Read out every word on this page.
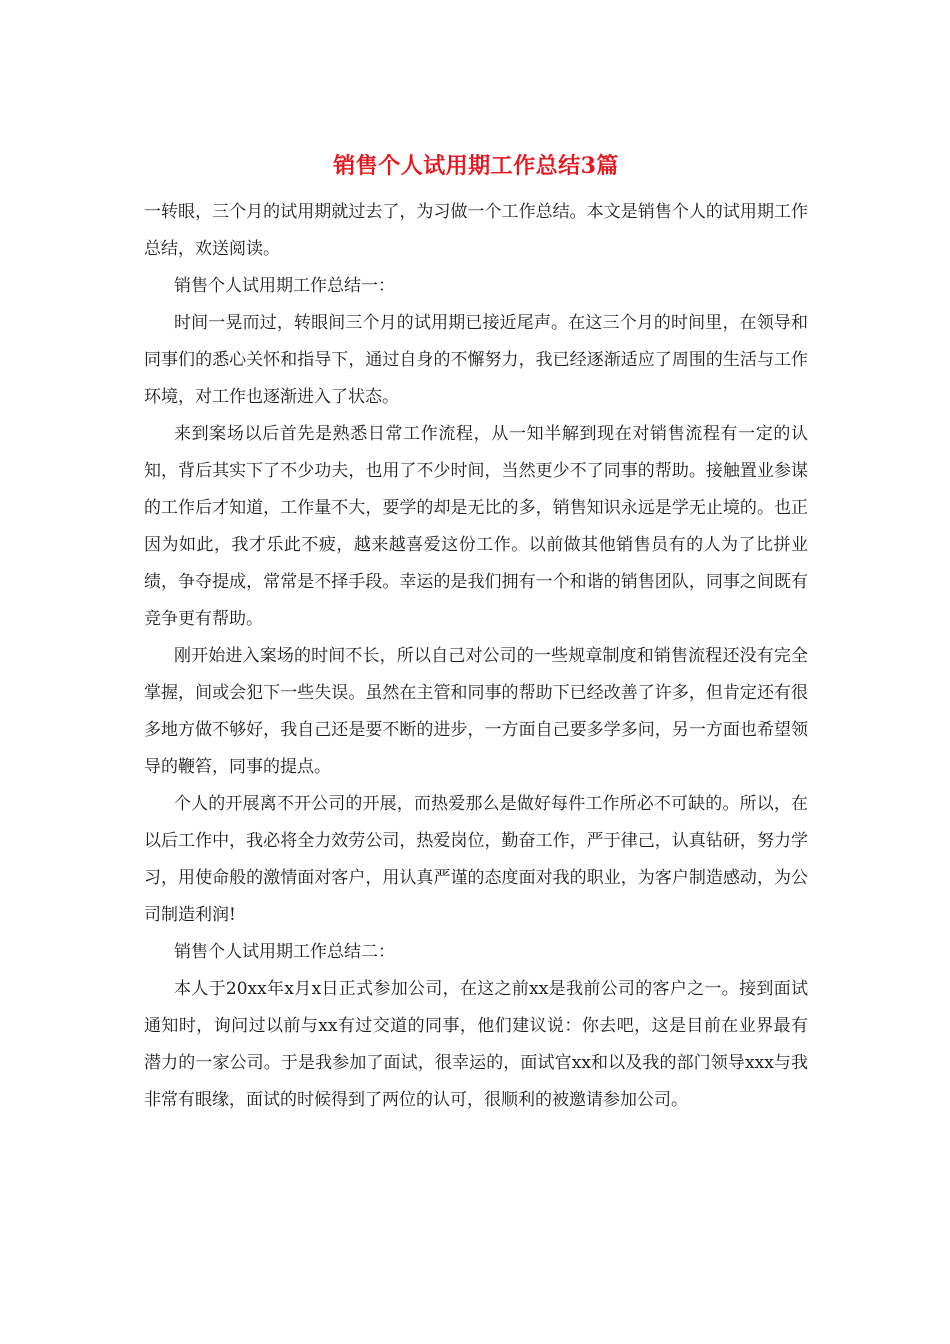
销售个人试用期工作总结3篇

一转眼，三个月的试用期就过去了，为习做一个工作总结。本文是销售个人的试用期工作总结，欢送阅读。

销售个人试用期工作总结一：

时间一晃而过，转眼间三个月的试用期已接近尾声。在这三个月的时间里，在领导和同事们的悉心关怀和指导下，通过自身的不懈努力，我已经逐渐适应了周围的生活与工作环境，对工作也逐渐进入了状态。

来到案场以后首先是熟悉日常工作流程，从一知半解到现在对销售流程有一定的认知，背后其实下了不少功夫，也用了不少时间，当然更少不了同事的帮助。接触置业参谋的工作后才知道，工作量不大，要学的却是无比的多，销售知识永远是学无止境的。也正因为如此，我才乐此不疲，越来越喜爱这份工作。以前做其他销售员有的人为了比拼业绩，争夺提成，常常是不择手段。幸运的是我们拥有一个和谐的销售团队，同事之间既有竞争更有帮助。

刚开始进入案场的时间不长，所以自己对公司的一些规章制度和销售流程还没有完全掌握，间或会犯下一些失误。虽然在主管和同事的帮助下已经改善了许多，但肯定还有很多地方做不够好，我自己还是要不断的进步，一方面自己要多学多问，另一方面也希望领导的鞭笞，同事的提点。

个人的开展离不开公司的开展，而热爱那么是做好每件工作所必不可缺的。所以，在以后工作中，我必将全力效劳公司，热爱岗位，勤奋工作，严于律己，认真钻研，努力学习，用使命般的激情面对客户，用认真严谨的态度面对我的职业，为客户制造感动，为公司制造利润!

销售个人试用期工作总结二：

本人于20xx年x月x日正式参加公司，在这之前xx是我前公司的客户之一。接到面试通知时，询问过以前与xx有过交道的同事，他们建议说：你去吧，这是目前在业界最有潜力的一家公司。于是我参加了面试，很幸运的，面试官xx和以及我的部门领导xxx与我非常有眼缘，面试的时候得到了两位的认可，很顺利的被邀请参加公司。
